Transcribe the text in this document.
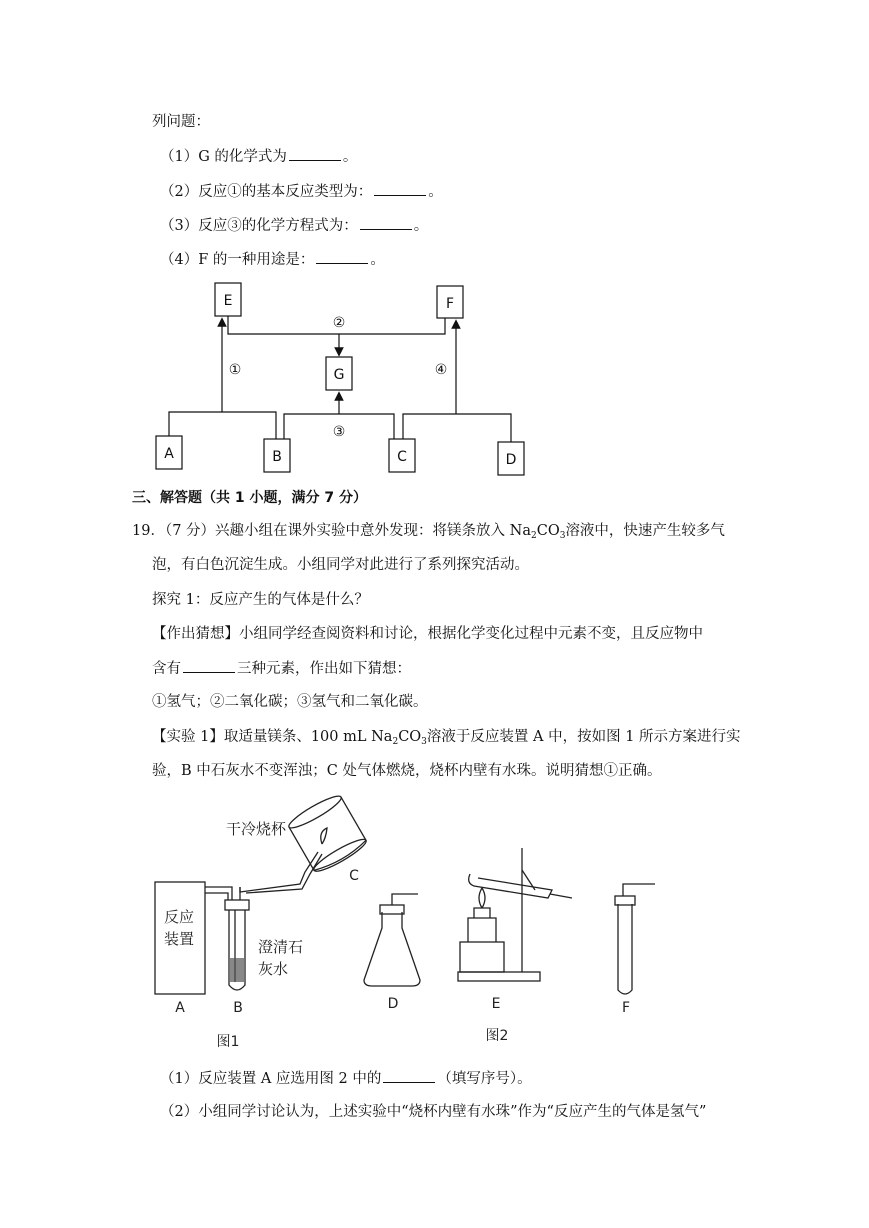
列问题：
（1）G 的化学式为	。
（2）反应①的基本反应类型为：	。
（3）反应③的化学方程式为：	。
（4）F 的一种用途是：	。
E	F
G
A	B	C	D
①
②
③
④
三、解答题（共 1 小题，满分 7 分）
19．（7 分）兴趣小组在课外实验中意外发现：将镁条放入 $Na_2CO_3$溶液中，快速产生较多气
泡，有白色沉淀生成。小组同学对此进行了系列探究活动。
探究 1：反应产生的气体是什么？
【作出猜想】小组同学经查阅资料和讨论，根据化学变化过程中元素不变，且反应物中
含有	三种元素，作出如下猜想：
①氢气；②二氧化碳；③氢气和二氧化碳。
【实验 1】取适量镁条、100 mL $Na_2CO_3$溶液于反应装置 A 中，按如图 1 所示方案进行实
验，B 中石灰水不变浑浊；C 处气体燃烧，烧杯内壁有水珠。说明猜想①正确。
干冷烧杯
反应
装置	澄清石
灰水
A	B
C
D	E	F
图1	图2
（1）反应装置 A 应选用图 2 中的	（填写序号）。
（2）小组同学讨论认为，上述实验中“烧杯内壁有水珠”作为“反应产生的气体是氢气”
